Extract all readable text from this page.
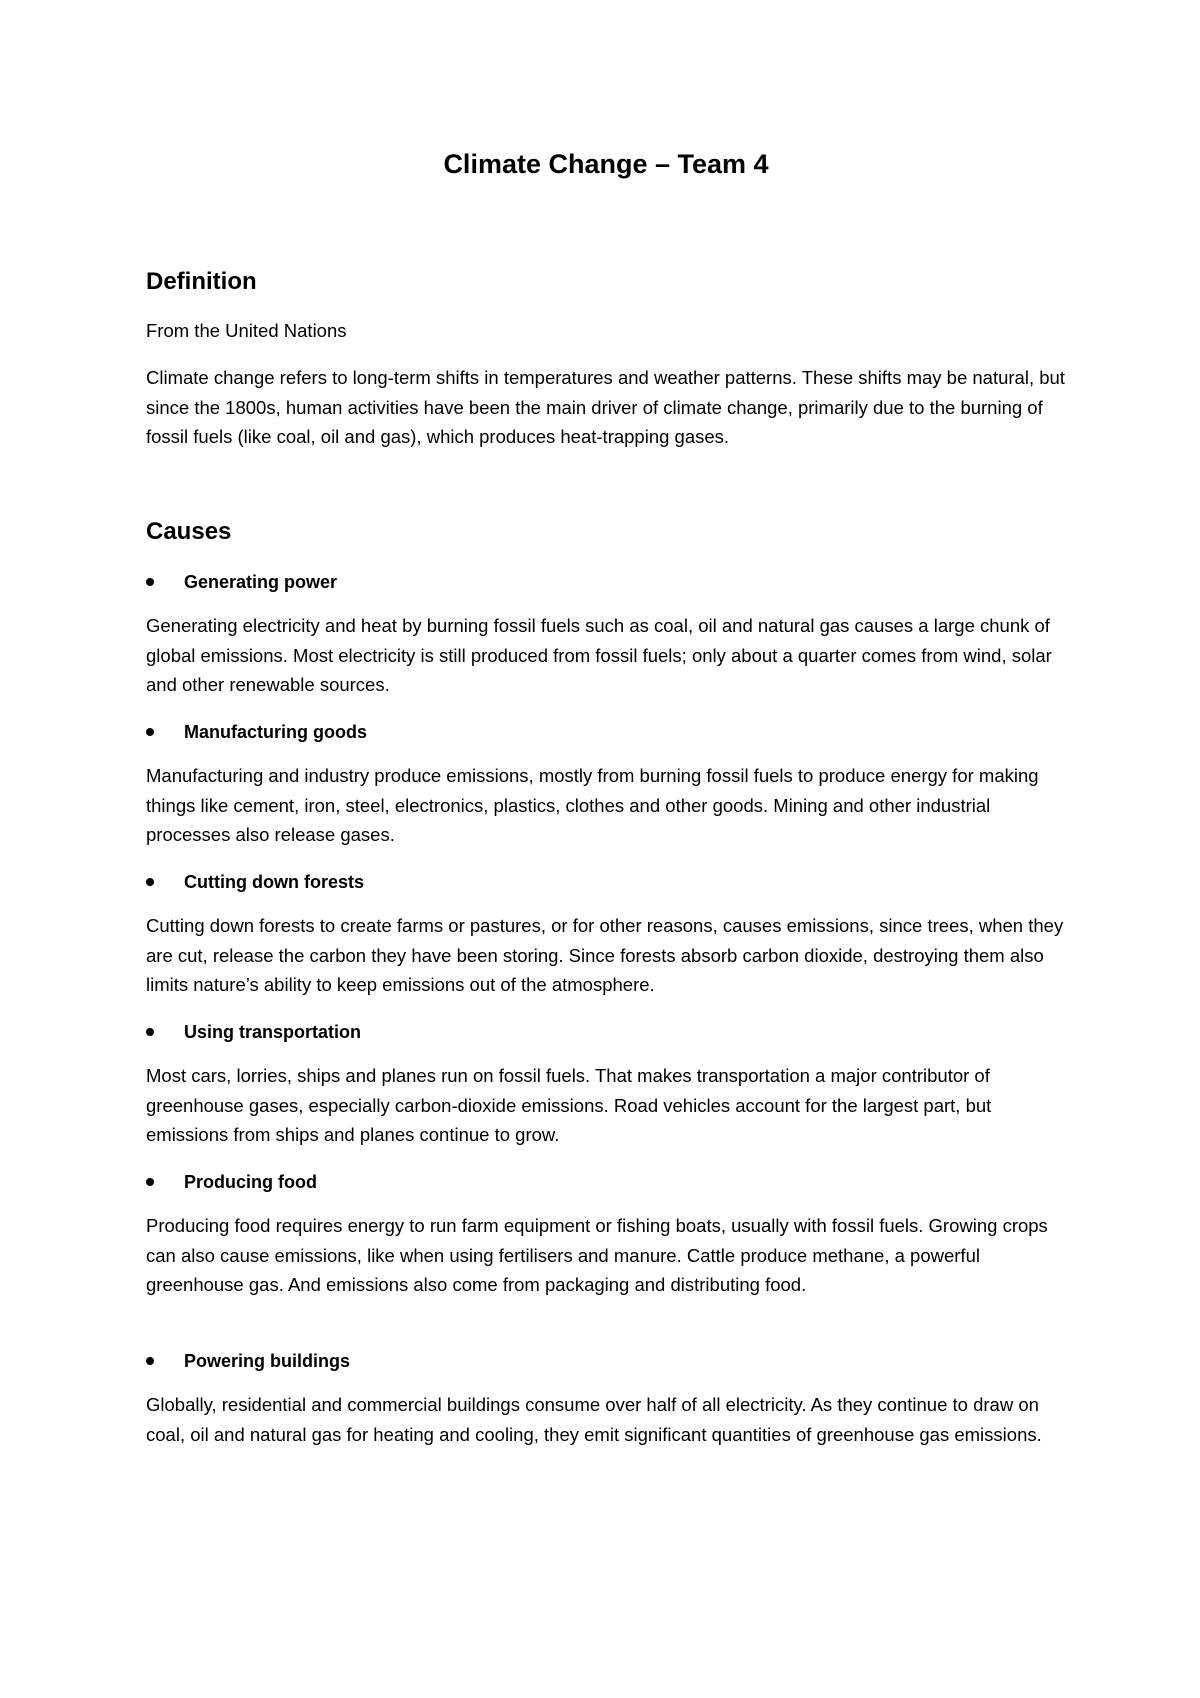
Climate Change – Team 4
Definition

From the United Nations

Climate change refers to long-term shifts in temperatures and weather patterns. These shifts may be natural, but since the 1800s, human activities have been the main driver of climate change, primarily due to the burning of fossil fuels (like coal, oil and gas), which produces heat-trapping gases.

Causes
Generating power

Generating electricity and heat by burning fossil fuels such as coal, oil and natural gas causes a large chunk of global emissions. Most electricity is still produced from fossil fuels; only about a quarter comes from wind, solar and other renewable sources.

Manufacturing goods

Manufacturing and industry produce emissions, mostly from burning fossil fuels to produce energy for making things like cement, iron, steel, electronics, plastics, clothes and other goods. Mining and other industrial processes also release gases.

Cutting down forests

Cutting down forests to create farms or pastures, or for other reasons, causes emissions, since trees, when they are cut, release the carbon they have been storing. Since forests absorb carbon dioxide, destroying them also limits nature’s ability to keep emissions out of the atmosphere.

Using transportation

Most cars, lorries, ships and planes run on fossil fuels. That makes transportation a major contributor of greenhouse gases, especially carbon-dioxide emissions. Road vehicles account for the largest part, but emissions from ships and planes continue to grow.

Producing food

Producing food requires energy to run farm equipment or fishing boats, usually with fossil fuels. Growing crops can also cause emissions, like when using fertilisers and manure. Cattle produce methane, a powerful greenhouse gas. And emissions also come from packaging and distributing food.

Powering buildings

Globally, residential and commercial buildings consume over half of all electricity. As they continue to draw on coal, oil and natural gas for heating and cooling, they emit significant quantities of greenhouse gas emissions.
